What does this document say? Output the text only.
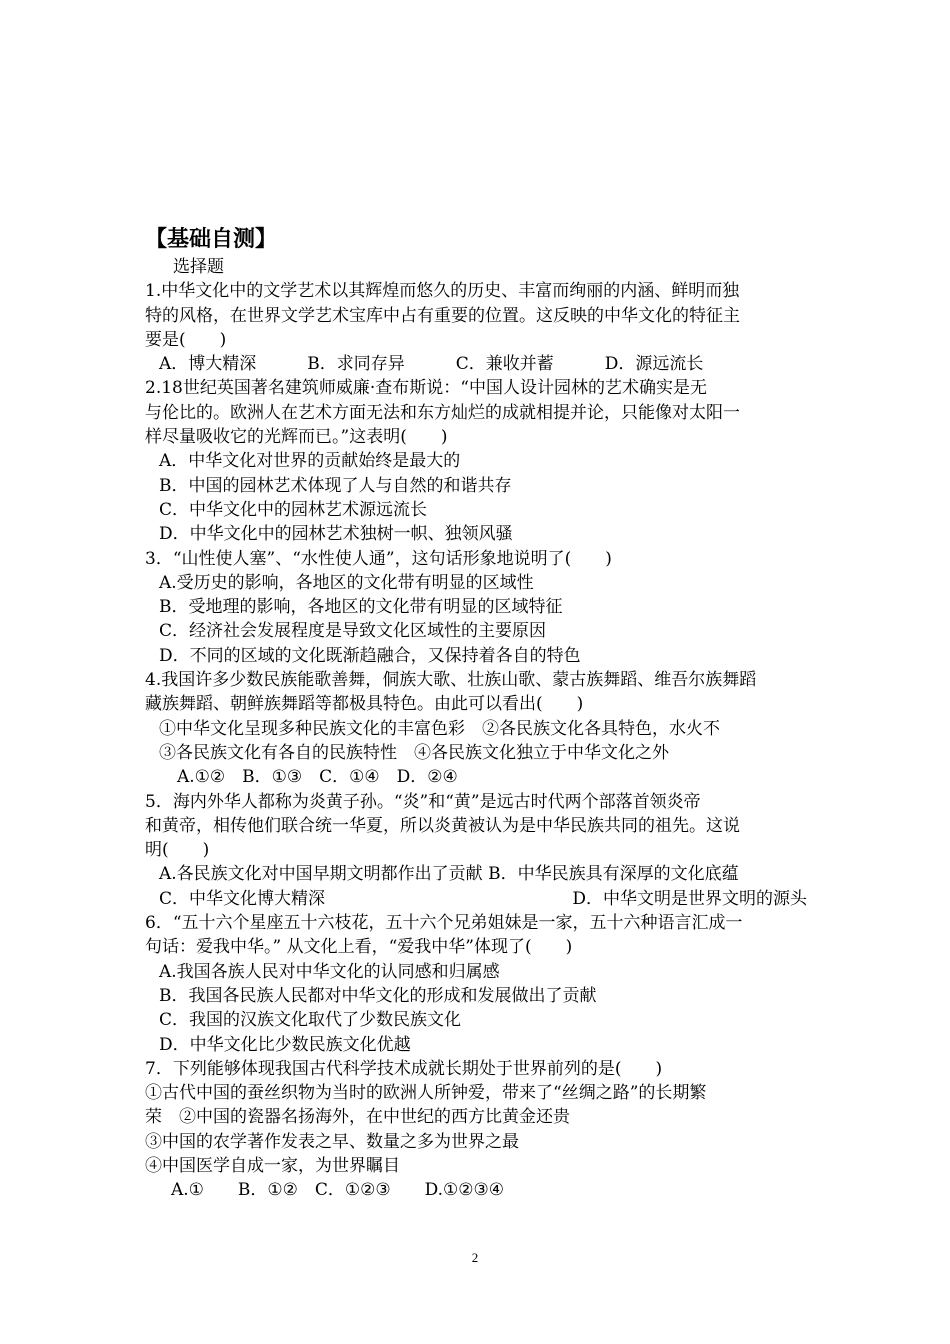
【基础自测】
选择题
1.中华文化中的文学艺术以其辉煌而悠久的历史、丰富而绚丽的内涵、鲜明而独
特的风格，在世界文学艺术宝库中占有重要的位置。这反映的中华文化的特征主
要是(　　)
A．博大精深　　　B．求同存异　　　C．兼收并蓄　　　D．源远流长
2.18世纪英国著名建筑师威廉·查布斯说：“中国人设计园林的艺术确实是无
与伦比的。欧洲人在艺术方面无法和东方灿烂的成就相提并论，只能像对太阳一
样尽量吸收它的光辉而已。”这表明(　　)
A．中华文化对世界的贡献始终是最大的
B．中国的园林艺术体现了人与自然的和谐共存
C．中华文化中的园林艺术源远流长
D．中华文化中的园林艺术独树一帜、独领风骚
3．“山性使人塞”、“水性使人通”，这句话形象地说明了(　　)
A.受历史的影响，各地区的文化带有明显的区域性
B．受地理的影响，各地区的文化带有明显的区域特征
C．经济社会发展程度是导致文化区域性的主要原因
D．不同的区域的文化既渐趋融合，又保持着各自的特色
4.我国许多少数民族能歌善舞，侗族大歌、壮族山歌、蒙古族舞蹈、维吾尔族舞蹈
藏族舞蹈、朝鲜族舞蹈等都极具特色。由此可以看出(　　)
①中华文化呈现多种民族文化的丰富色彩　②各民族文化各具特色，水火不
③各民族文化有各自的民族特性　④各民族文化独立于中华文化之外
A.①②　B．①③　C．①④　D．②④
5．海内外华人都称为炎黄子孙。“炎”和“黄”是远古时代两个部落首领炎帝
和黄帝，相传他们联合统一华夏，所以炎黄被认为是中华民族共同的祖先。这说
明(　　)
A.各民族文化对中国早期文明都作出了贡献 B．中华民族具有深厚的文化底蕴
C．中华文化博大精深	D．中华文明是世界文明的源头
6．“五十六个星座五十六枝花，五十六个兄弟姐妹是一家，五十六种语言汇成一
句话：爱我中华。” 从文化上看，“爱我中华”体现了(　　)
A.我国各族人民对中华文化的认同感和归属感
B．我国各民族人民都对中华文化的形成和发展做出了贡献
C．我国的汉族文化取代了少数民族文化
D．中华文化比少数民族文化优越
7．下列能够体现我国古代科学技术成就长期处于世界前列的是(　　)
①古代中国的蚕丝织物为当时的欧洲人所钟爱，带来了“丝绸之路”的长期繁
荣　②中国的瓷器名扬海外，在中世纪的西方比黄金还贵
③中国的农学著作发表之早、数量之多为世界之最
④中国医学自成一家，为世界瞩目
A.①　　B．①②　C．①②③　　D.①②③④
2
